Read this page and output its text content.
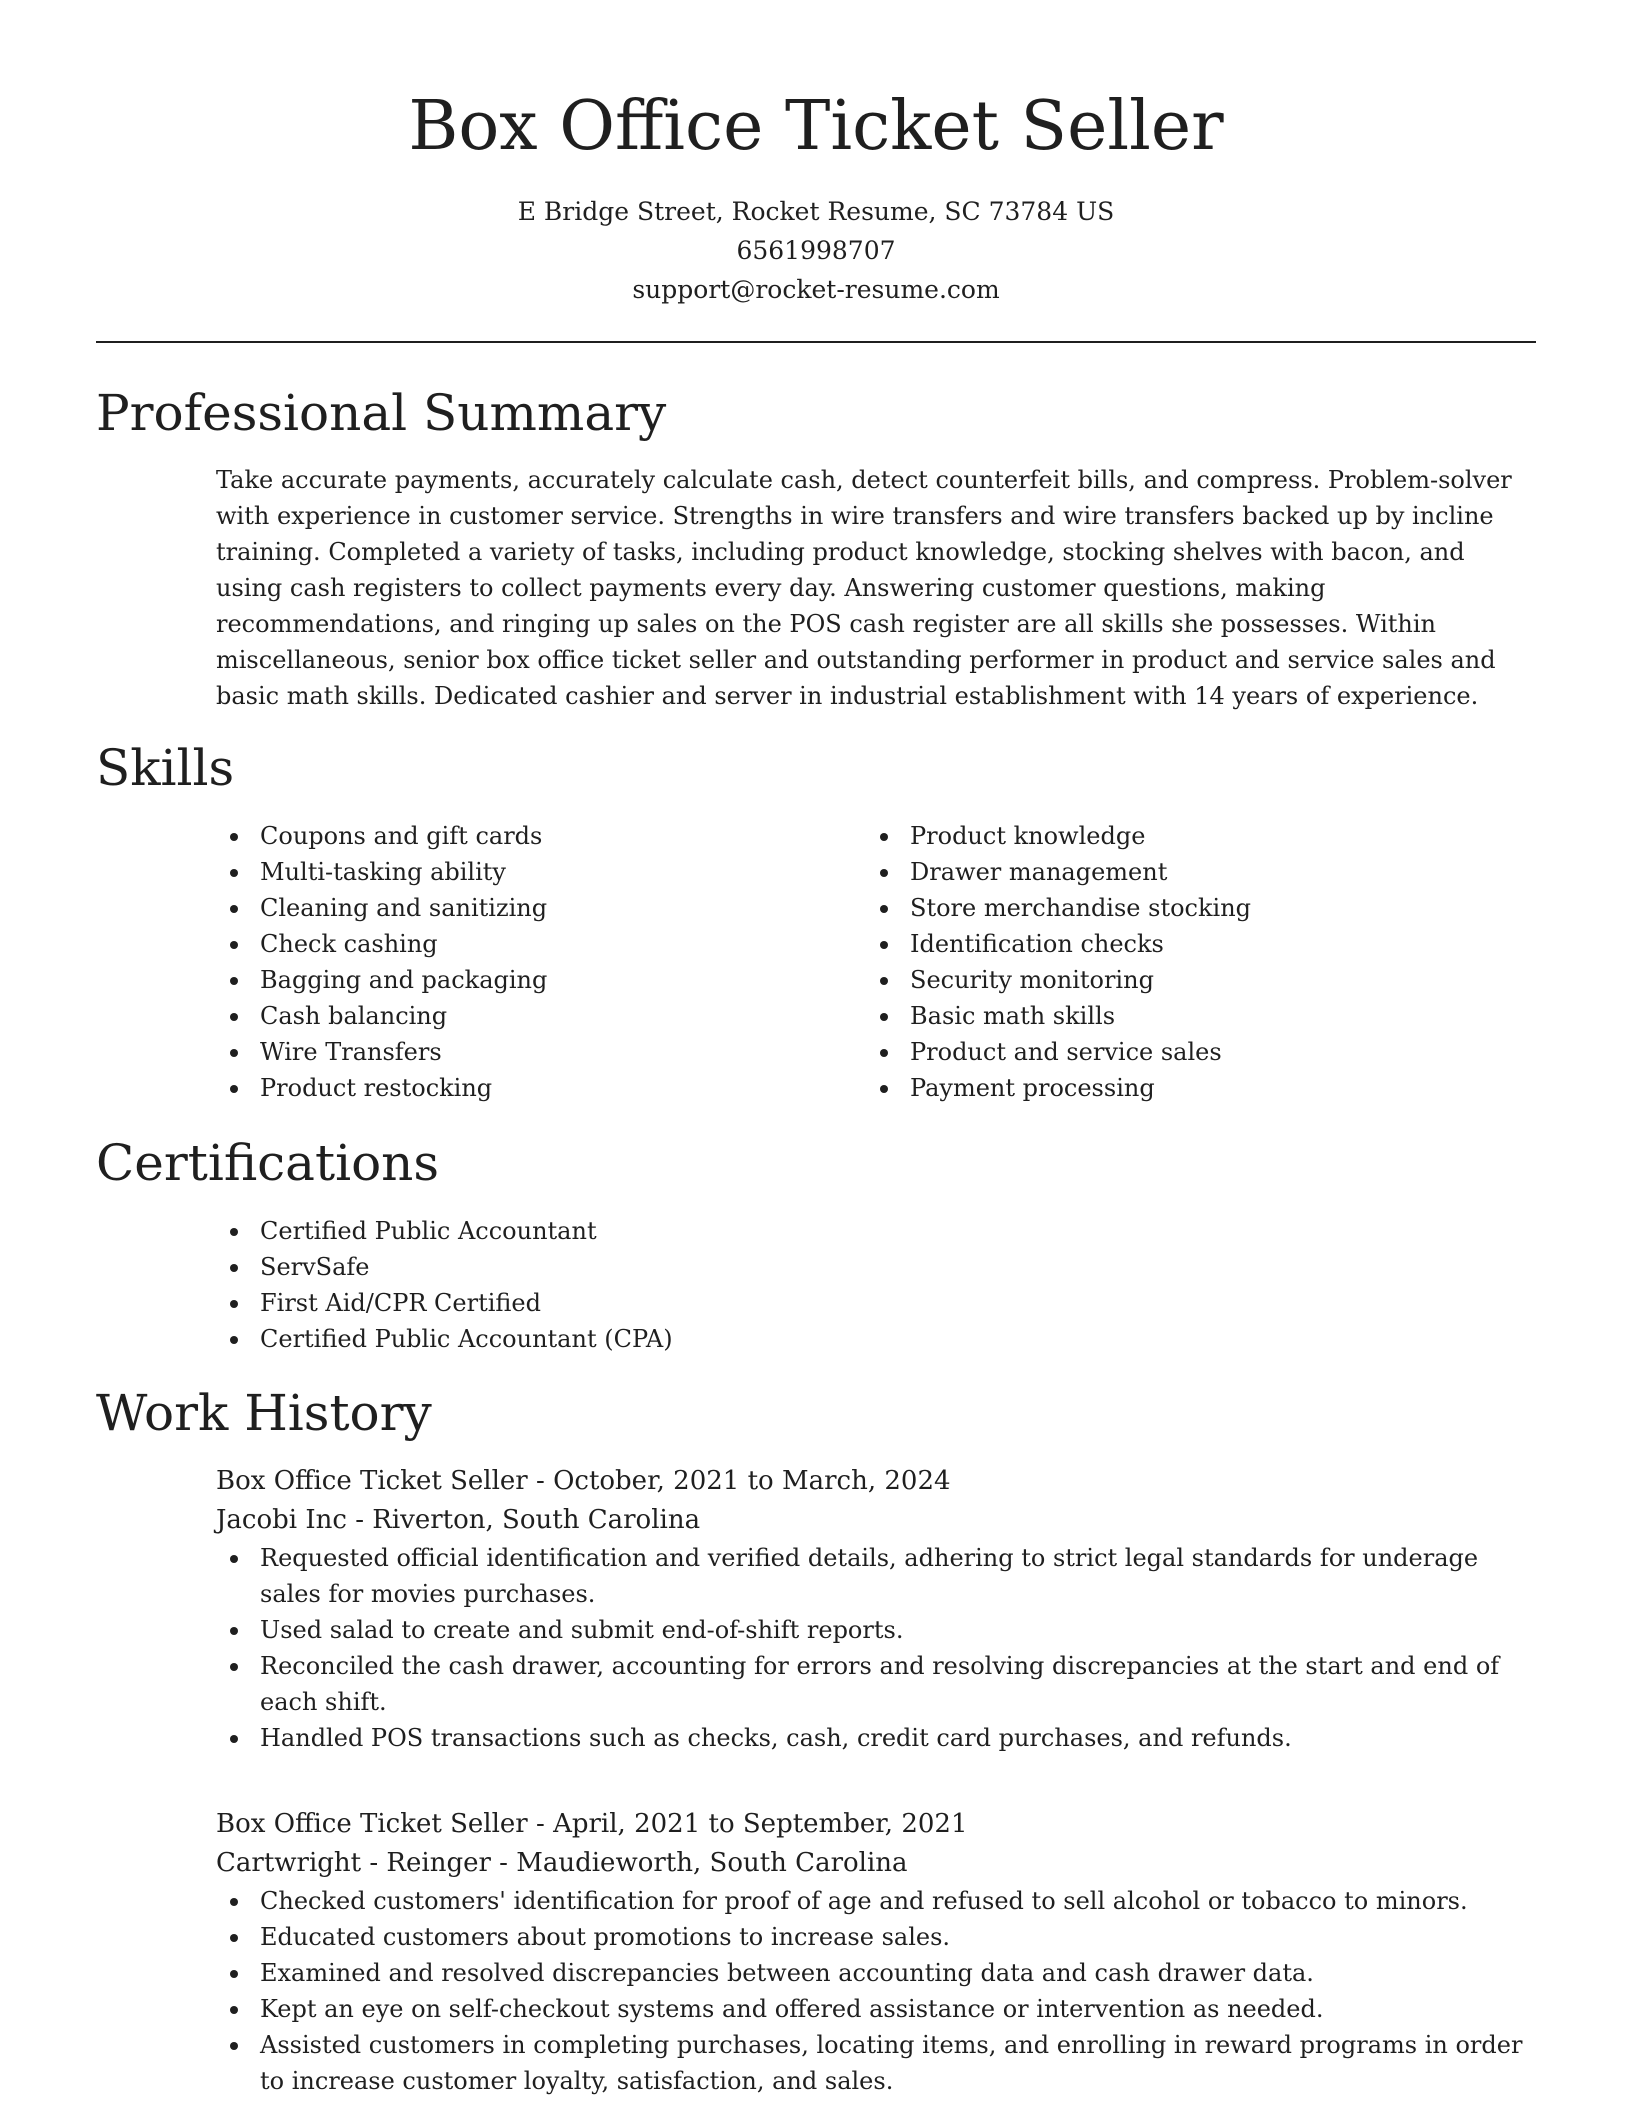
Box Office Ticket Seller
E Bridge Street, Rocket Resume, SC 73784 US
6561998707
support@rocket-resume.com
Professional Summary

Take accurate payments, accurately calculate cash, detect counterfeit bills, and compress. Problem-solver with experience in customer service. Strengths in wire transfers and wire transfers backed up by incline training. Completed a variety of tasks, including product knowledge, stocking shelves with bacon, and using cash registers to collect payments every day. Answering customer questions, making recommendations, and ringing up sales on the POS cash register are all skills she possesses. Within miscellaneous, senior box office ticket seller and outstanding performer in product and service sales and basic math skills. Dedicated cashier and server in industrial establishment with 14 years of experience.

Skills
Coupons and gift cards
Multi-tasking ability
Cleaning and sanitizing
Check cashing
Bagging and packaging
Cash balancing
Wire Transfers
Product restocking
Product knowledge
Drawer management
Store merchandise stocking
Identification checks
Security monitoring
Basic math skills
Product and service sales
Payment processing
Certifications
Certified Public Accountant
ServSafe
First Aid/CPR Certified
Certified Public Accountant (CPA)
Work History
Box Office Ticket Seller - October, 2021 to March, 2024
Jacobi Inc - Riverton, South Carolina
Requested official identification and verified details, adhering to strict legal standards for underage sales for movies purchases.
Used salad to create and submit end-of-shift reports.
Reconciled the cash drawer, accounting for errors and resolving discrepancies at the start and end of each shift.
Handled POS transactions such as checks, cash, credit card purchases, and refunds.
Box Office Ticket Seller - April, 2021 to September, 2021
Cartwright - Reinger - Maudieworth, South Carolina
Checked customers' identification for proof of age and refused to sell alcohol or tobacco to minors.
Educated customers about promotions to increase sales.
Examined and resolved discrepancies between accounting data and cash drawer data.
Kept an eye on self-checkout systems and offered assistance or intervention as needed.
Assisted customers in completing purchases, locating items, and enrolling in reward programs in order to increase customer loyalty, satisfaction, and sales.
